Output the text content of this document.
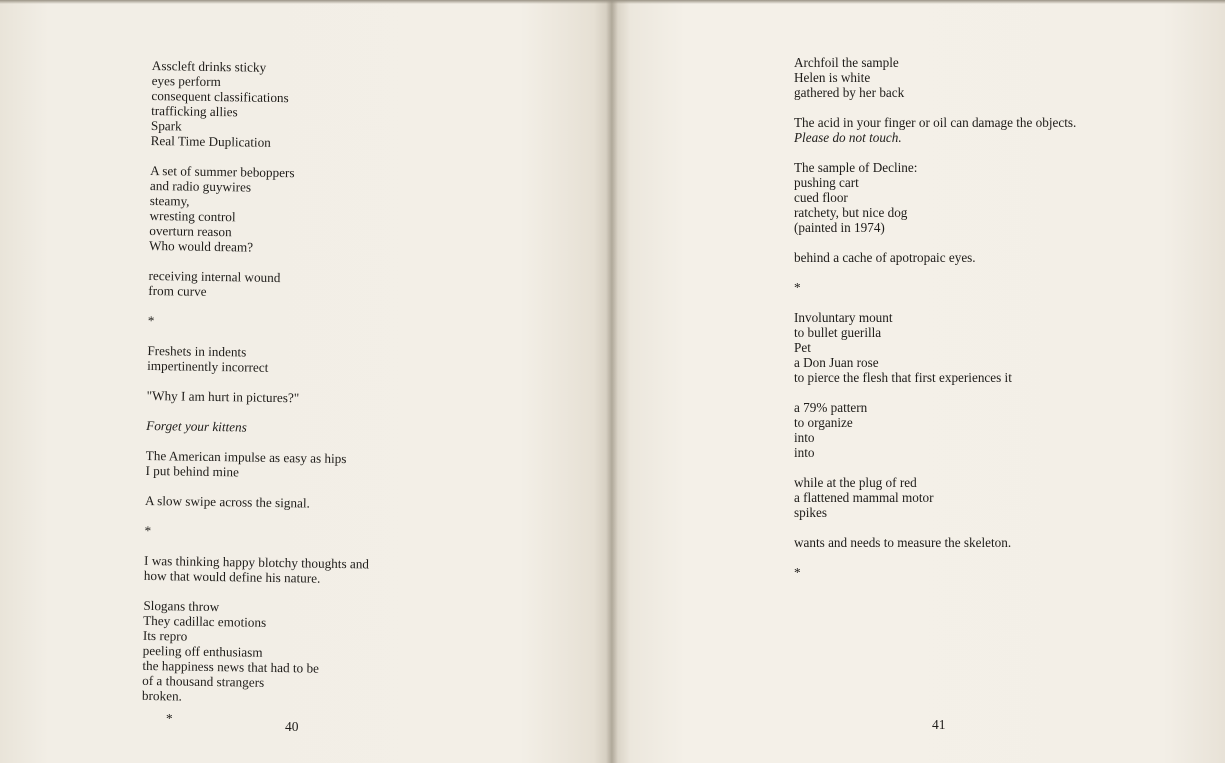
Asscleft drinks sticky
eyes perform
consequent classifications
trafficking allies
Spark
Real Time Duplication
A set of summer beboppers
and radio guywires
steamy,
wresting control
overturn reason
Who would dream?
receiving internal wound
from curve
*
Freshets in indents
impertinently incorrect
"Why I am hurt in pictures?"
Forget your kittens
The American impulse as easy as hips
I put behind mine
A slow swipe across the signal.
*
I was thinking happy blotchy thoughts and
how that would define his nature.
Slogans throw
They cadillac emotions
Its repro
peeling off enthusiasm
the happiness news that had to be
of a thousand strangers
broken.
*
40
Archfoil the sample
Helen is white
gathered by her back
The acid in your finger or oil can damage the objects.
Please do not touch.
The sample of Decline:
pushing cart
cued floor
ratchety, but nice dog
(painted in 1974)
behind a cache of apotropaic eyes.
*
Involuntary mount
to bullet guerilla
Pet
a Don Juan rose
to pierce the flesh that first experiences it
a 79% pattern
to organize
into
into
while at the plug of red
a flattened mammal motor
spikes
wants and needs to measure the skeleton.
*
41
